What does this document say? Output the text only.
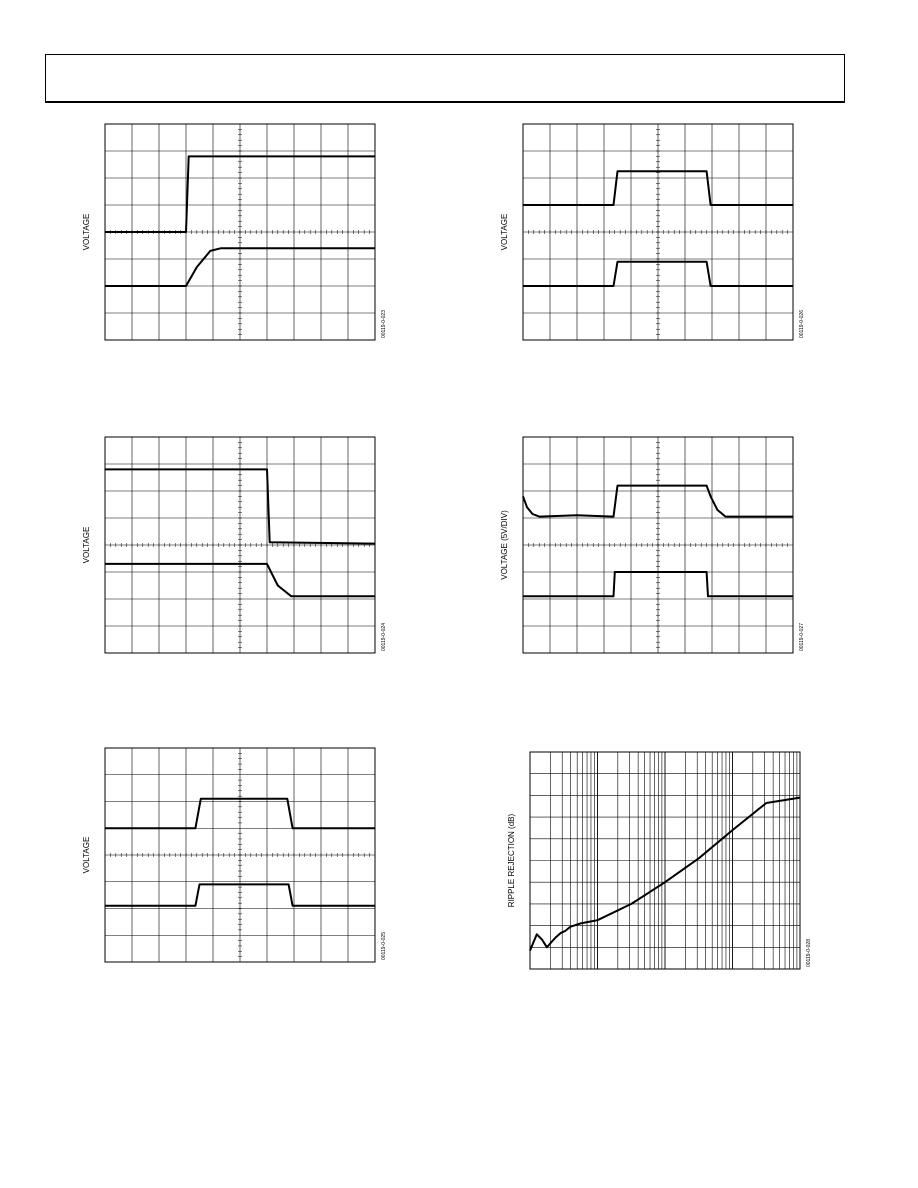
VOLTAGE
00119-0-023
VOLTAGE
00119-0-026
VOLTAGE
00119-0-024
VOLTAGE (5V/DIV)
00119-0-027
VOLTAGE
00119-0-025
RIPPLE REJECTION (dB)
00119-0-028
